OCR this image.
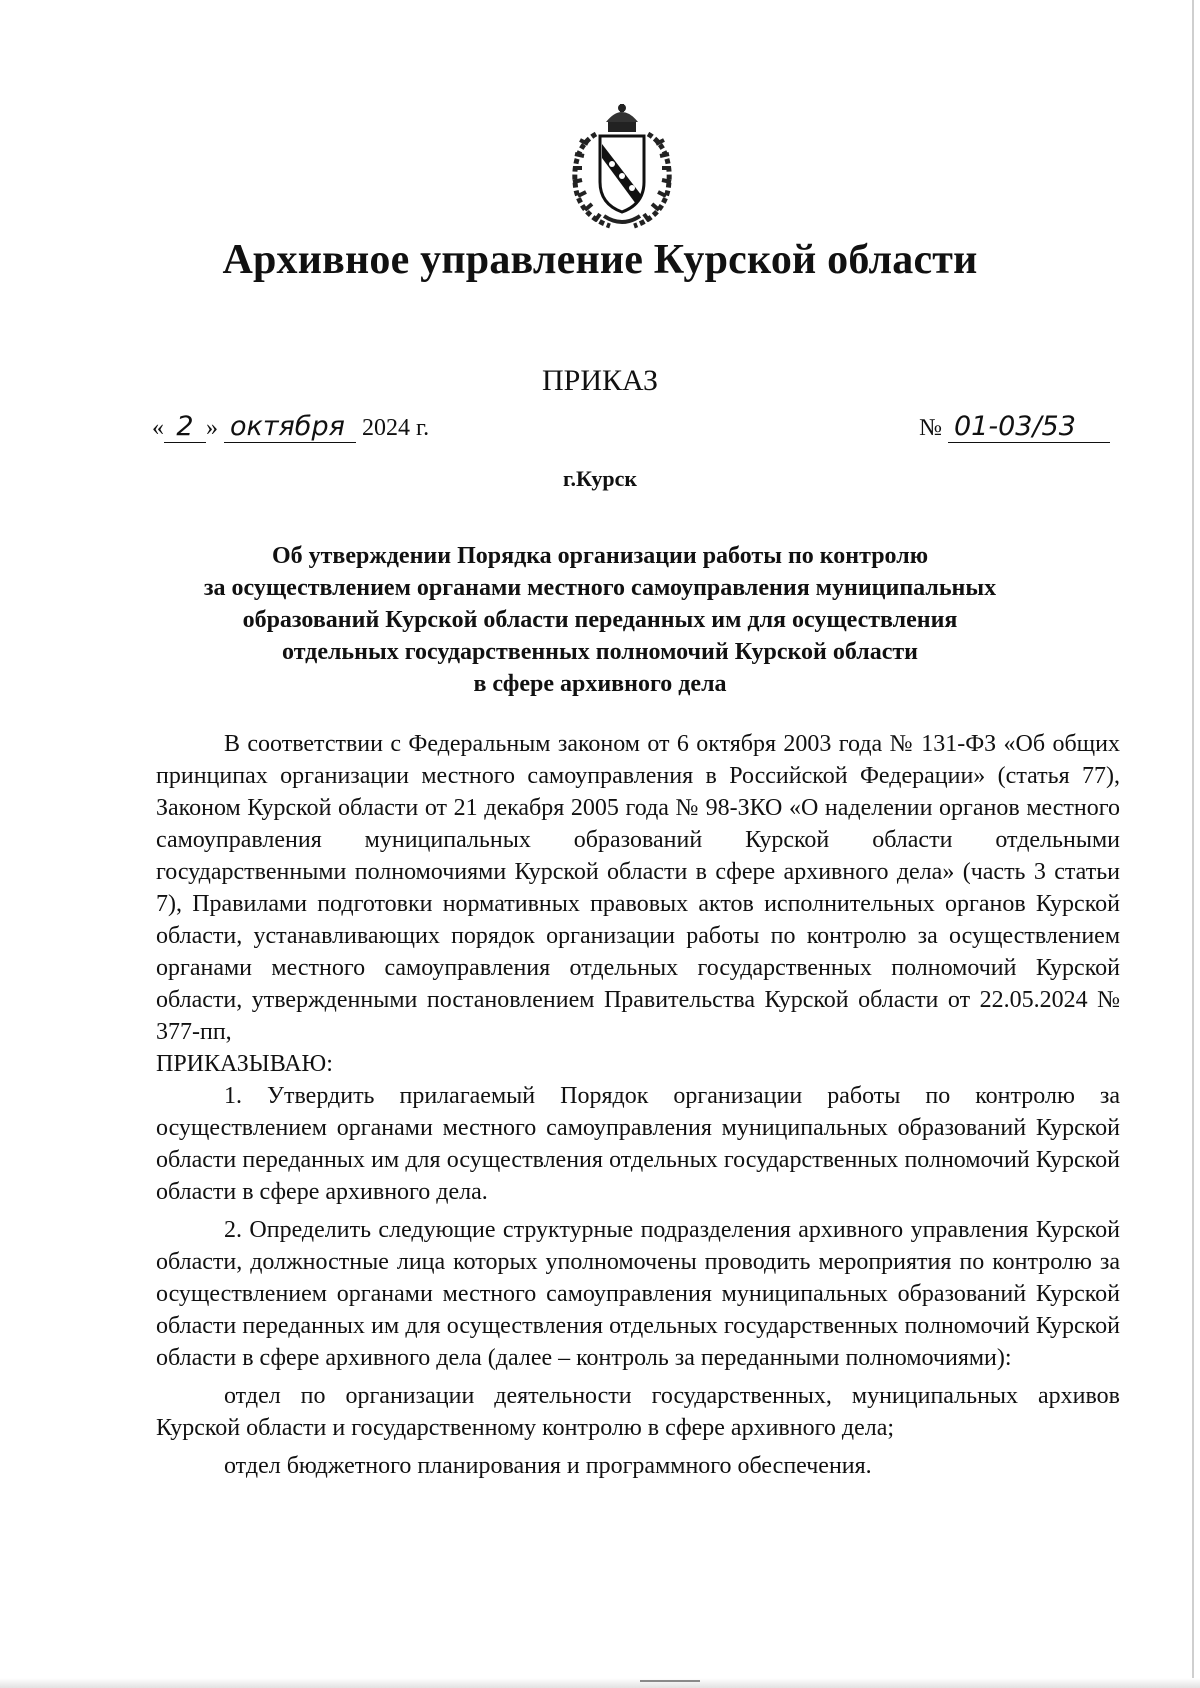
Архивное управление Курской области
ПРИКАЗ
« 2 » октября 2024 г.	№ 01-03/53
г.Курск
Об утверждении Порядка организации работы по контролю
за осуществлением органами местного самоуправления муниципальных
образований Курской области переданных им для осуществления
отдельных государственных полномочий Курской области
в сфере архивного дела

В соответствии с Федеральным законом от 6 октября 2003 года № 131-ФЗ «Об общих принципах организации местного самоуправления в Российской Федерации» (статья 77), Законом Курской области от 21 декабря 2005 года № 98-ЗКО «О наделении органов местного самоуправления муниципальных образований Курской области отдельными государственными полномочиями Курской области в сфере архивного дела» (часть 3 статьи 7), Правилами подготовки нормативных правовых актов исполнительных органов Курской области, устанавливающих порядок организации работы по контролю за осуществлением органами местного самоуправления отдельных государственных полномочий Курской области, утвержденными постановлением Правительства Курской области от 22.05.2024 № 377-пп,

ПРИКАЗЫВАЮ:

1. Утвердить прилагаемый Порядок организации работы по контролю за осуществлением органами местного самоуправления муниципальных образований Курской области переданных им для осуществления отдельных государственных полномочий Курской области в сфере архивного дела.

2. Определить следующие структурные подразделения архивного управления Курской области, должностные лица которых уполномочены проводить мероприятия по контролю за осуществлением органами местного самоуправления муниципальных образований Курской области переданных им для осуществления отдельных государственных полномочий Курской области в сфере архивного дела (далее – контроль за переданными полномочиями):

отдел по организации деятельности государственных, муниципальных архивов Курской области и государственному контролю в сфере архивного дела;

отдел бюджетного планирования и программного обеспечения.
